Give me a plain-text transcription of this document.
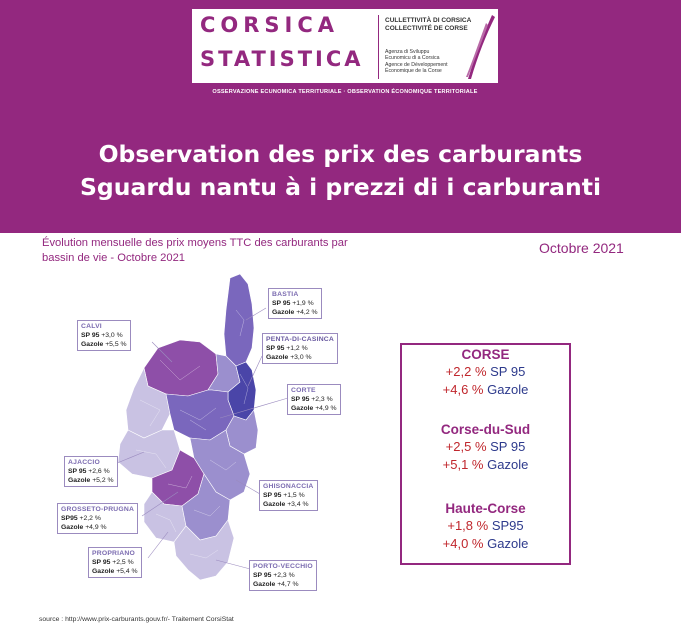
CORSICA
STATISTICA
CULLETTIVITÀ DI CORSICA
COLLECTIVITÉ DE CORSE
Agenza di Sviluppu
Ecunomicu di a Corsica
Agence de Développement
Économique de la Corse
OSSERVAZIONE ECUNOMICA TERRITURIALE · OBSERVATION ÉCONOMIQUE TERRITORIALE
Observation des prix des carburants
Sguardu nantu à i prezzi di i carburanti
Évolution mensuelle des prix moyens TTC des carburants par bassin de vie - Octobre 2021
Octobre 2021
BASTIA
SP 95 +1,9 %
Gazole +4,2 %
CALVI
SP 95 +3,0 %
Gazole +5,5 %
PENTA-DI-CASINCA
SP 95 +1,2 %
Gazole +3,0 %
CORTE
SP 95 +2,3 %
Gazole +4,9 %
AJACCIO
SP 95 +2,6 %
Gazole +5,2 %
GHISONACCIA
SP 95 +1,5 %
Gazole +3,4 %
GROSSETO-PRUGNA
SP95 +2,2 %
Gazole +4,9 %
PROPRIANO
SP 95 +2,5 %
Gazole +5,4 %
PORTO-VECCHIO
SP 95 +2,3 %
Gazole +4,7 %
CORSE
+2,2 % SP 95
+4,6 % Gazole
Corse-du-Sud
+2,5 % SP 95
+5,1 % Gazole
Haute-Corse
+1,8 % SP95
+4,0 % Gazole
source : http://www.prix-carburants.gouv.fr/- Traitement CorsiStat
